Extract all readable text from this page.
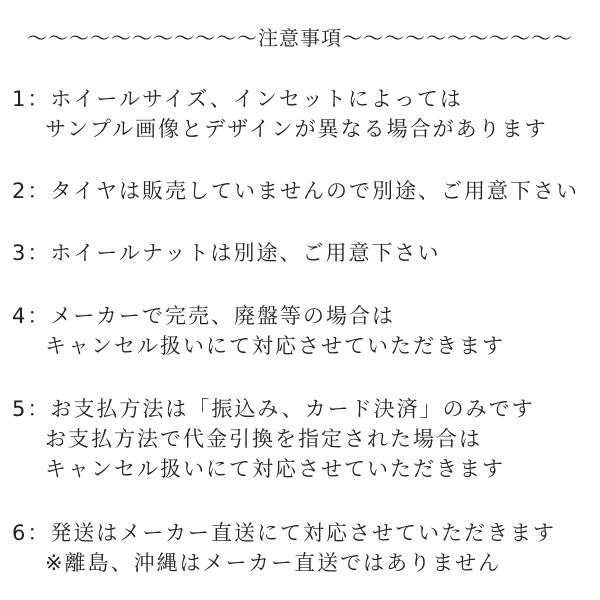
～～～～～～～～～～～注意事項～～～～～～～～～～～
1：ホイールサイズ、インセットによっては
サンプル画像とデザインが異なる場合があります
2：タイヤは販売していませんので別途、ご用意下さい
3：ホイールナットは別途、ご用意下さい
4：メーカーで完売、廃盤等の場合は
キャンセル扱いにて対応させていただきます
5：お支払方法は「振込み、カード決済」のみです
お支払方法で代金引換を指定された場合は
キャンセル扱いにて対応させていただきます
6：発送はメーカー直送にて対応させていただきます
※離島、沖縄はメーカー直送ではありません
